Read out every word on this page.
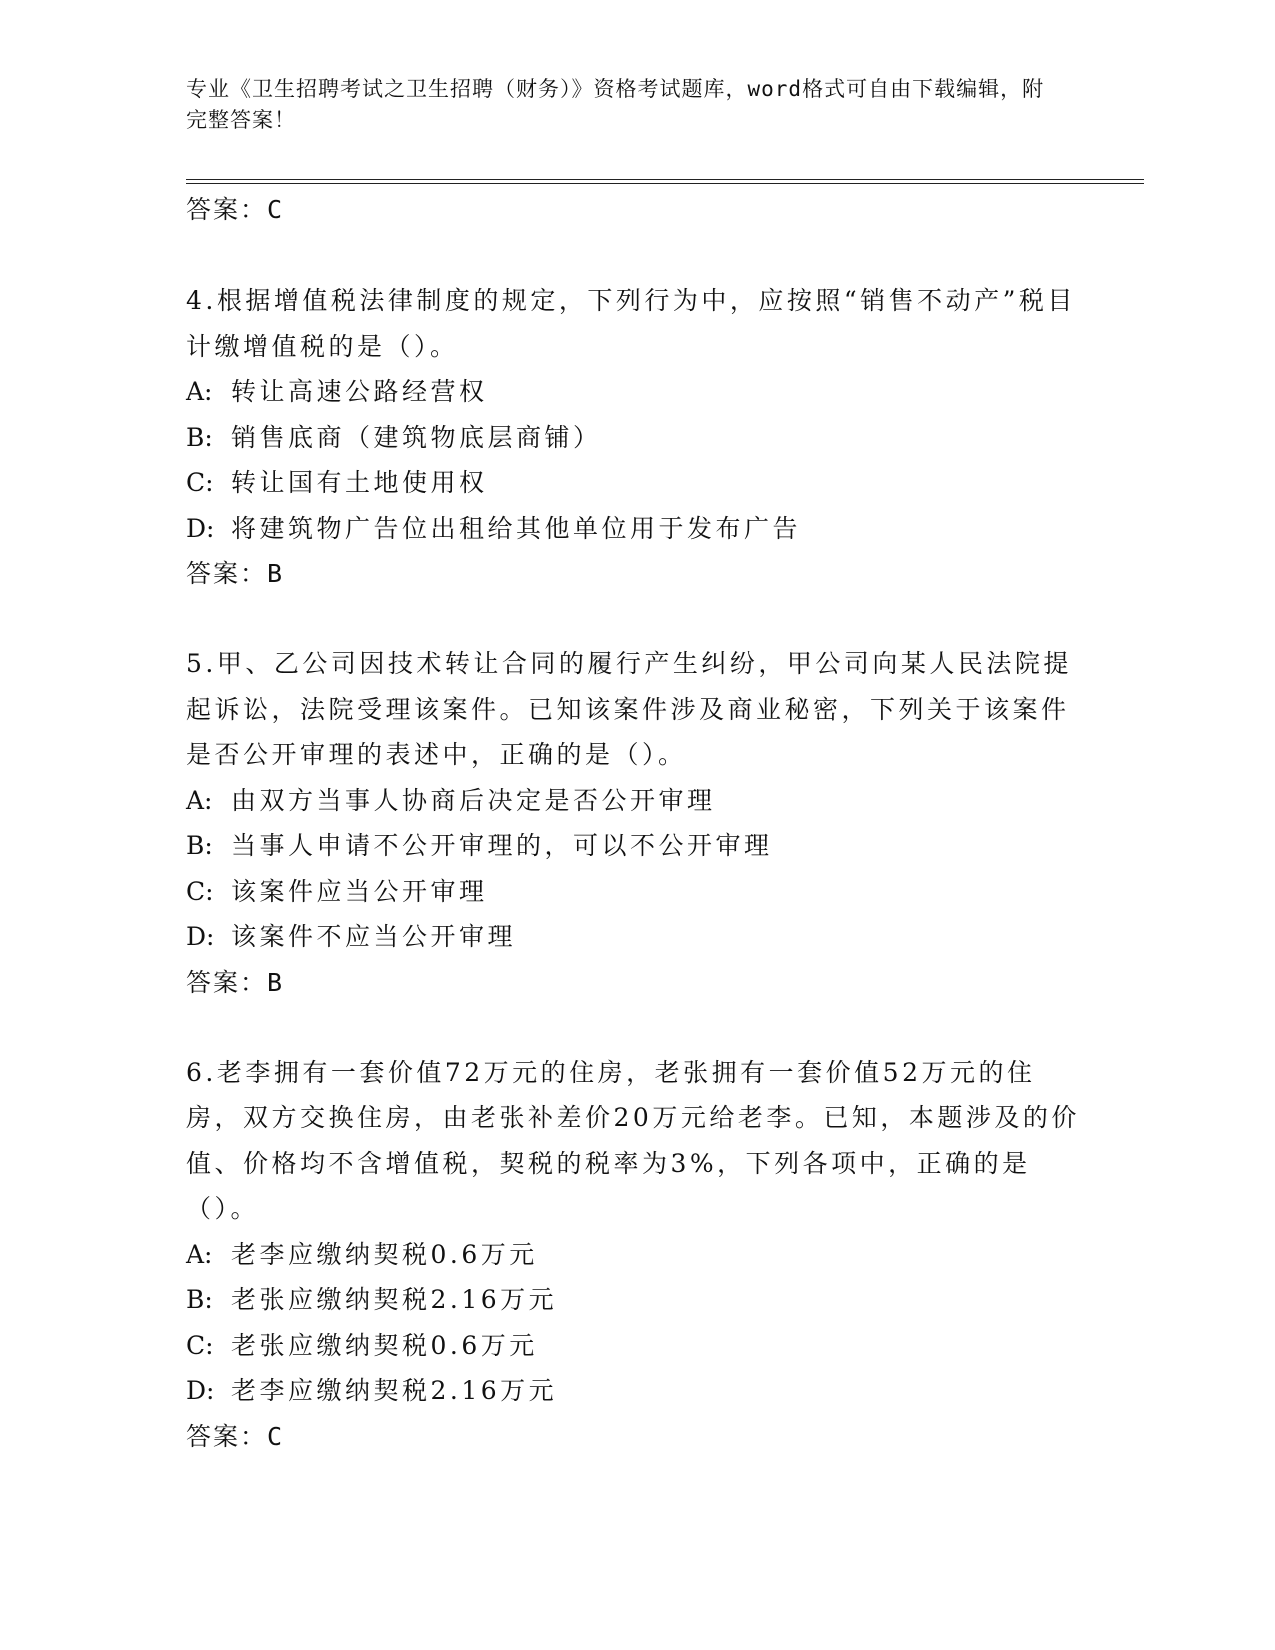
专业《卫生招聘考试之卫生招聘（财务）》资格考试题库，word格式可自由下载编辑，附完整答案！
答案：C

4.根据增值税法律制度的规定，下列行为中，应按照“销售不动产”税目计缴增值税的是（）。

A: 转让高速公路经营权
B: 销售底商（建筑物底层商铺）
C: 转让国有土地使用权
D: 将建筑物广告位出租给其他单位用于发布广告
答案：B

5.甲、乙公司因技术转让合同的履行产生纠纷，甲公司向某人民法院提起诉讼，法院受理该案件。已知该案件涉及商业秘密，下列关于该案件是否公开审理的表述中，正确的是（）。

A: 由双方当事人协商后决定是否公开审理
B: 当事人申请不公开审理的，可以不公开审理
C: 该案件应当公开审理
D: 该案件不应当公开审理
答案：B

6.老李拥有一套价值72万元的住房，老张拥有一套价值52万元的住房，双方交换住房，由老张补差价20万元给老李。已知，本题涉及的价值、价格均不含增值税，契税的税率为3%，下列各项中，正确的是（）。

A: 老李应缴纳契税0.6万元
B: 老张应缴纳契税2.16万元
C: 老张应缴纳契税0.6万元
D: 老李应缴纳契税2.16万元
答案：C
